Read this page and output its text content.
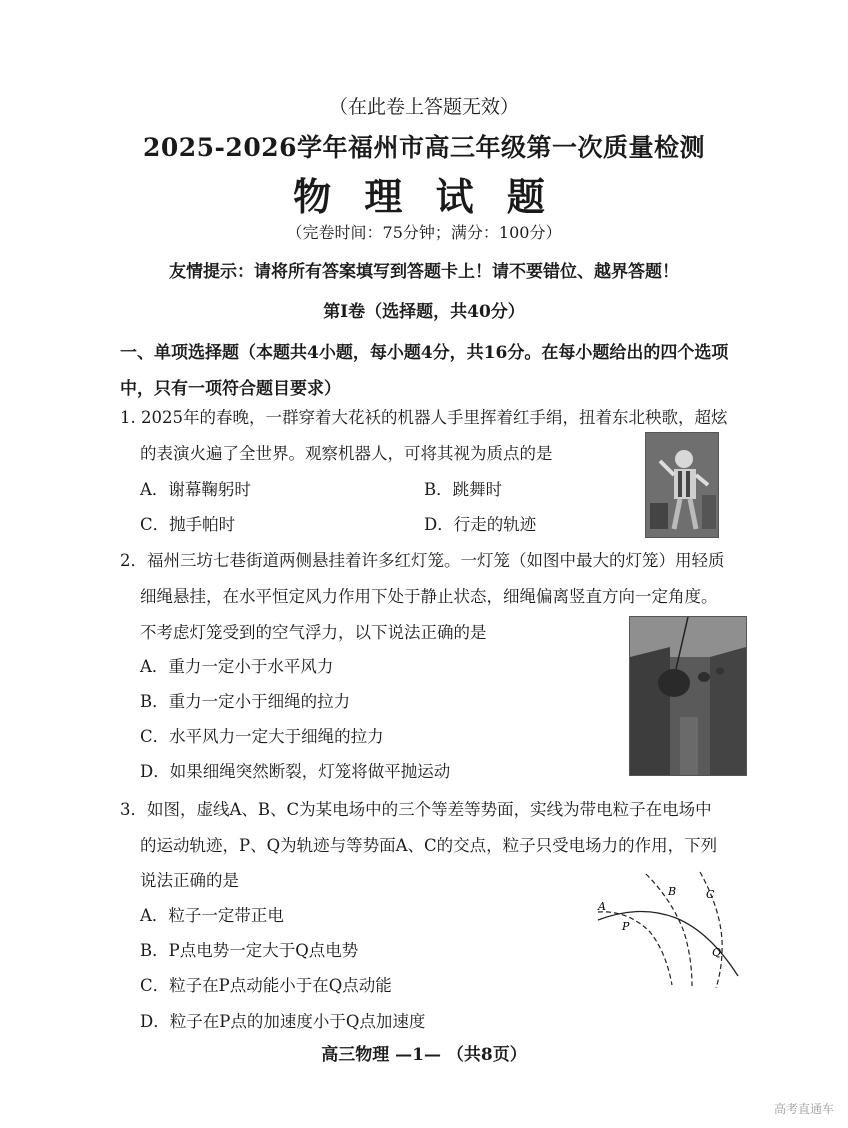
（在此卷上答题无效）
2025-2026学年福州市高三年级第一次质量检测
物 理 试 题
（完卷时间：75分钟；满分：100分）
友情提示：请将所有答案填写到答题卡上！请不要错位、越界答题！
第Ⅰ卷（选择题，共40分）
一、单项选择题（本题共4小题，每小题4分，共16分。在每小题给出的四个选项
中，只有一项符合题目要求）
1. 2025年的春晚，一群穿着大花袄的机器人手里挥着红手绢，扭着东北秧歌，超炫
的表演火遍了全世界。观察机器人，可将其视为质点的是
A．谢幕鞠躬时	B．跳舞时
C．抛手帕时	D．行走的轨迹
2．福州三坊七巷街道两侧悬挂着许多红灯笼。一灯笼（如图中最大的灯笼）用轻质
细绳悬挂，在水平恒定风力作用下处于静止状态，细绳偏离竖直方向一定角度。
不考虑灯笼受到的空气浮力，以下说法正确的是
A．重力一定小于水平风力
B．重力一定小于细绳的拉力
C．水平风力一定大于细绳的拉力
D．如果细绳突然断裂，灯笼将做平抛运动
3．如图，虚线A、B、C为某电场中的三个等差等势面，实线为带电粒子在电场中
的运动轨迹，P、Q为轨迹与等势面A、C的交点，粒子只受电场力的作用，下列
说法正确的是
A．粒子一定带正电
B．P点电势一定大于Q点电势
C．粒子在P点动能小于在Q点动能
D．粒子在P点的加速度小于Q点加速度
A
B	C
P
Q
高三物理 —1— （共8页）
高考直通车
